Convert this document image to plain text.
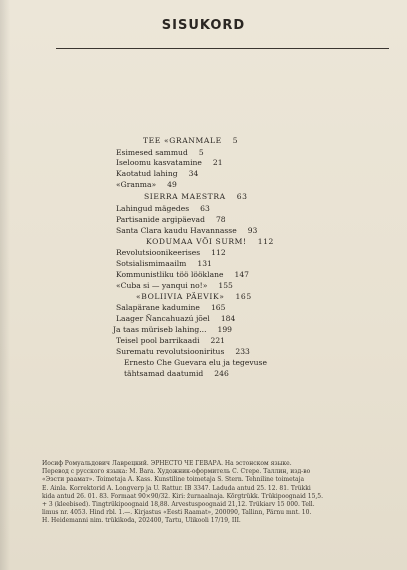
SISUKORD
TEE «GRANMALE 5
Esimesed sammud 5
Iseloomu kasvatamine 21
Kaotatud lahing 34
«Granma» 49
SIERRA MAESTRA 63
Lahingud mägedes 63
Partisanide argipäevad 78
Santa Clara kaudu Havannasse 93
KODUMAA VÕI SURM! 112
Revolutsioonikeerises 112
Sotsialismimaailm 131
Kommunistliku töö lööklane 147
«Cuba si — yanqui no!» 155
«BOLIIVIA PÄEVIK» 165
Salapärane kadumine 165
Laager Ñancahuazú jõel 184
Ja taas müriseb lahing... 199
Teisel pool barrikaadi 221
Surematu revolutsiooniritus 233
Ernesto Che Guevara elu ja tegevuse
tähtsamad daatumid 246
Иосиф Ромуальдович Лаврецкий. ЭРНЕСТО ЧЕ ГЕВАРА. На эстонском языке.
Перевод с русского языка: M. Bara. Художник-оформитель С. Стере. Таллин, изд-во
«Ээсти раамат». Toimetaja A. Kass. Kunstiline toimetaja S. Stern. Tehniline toimetaja
E. Ainla. Korrektorid A. Longverp ja U. Rattur. IB 3347. Laduda antud 25. 12. 81. Trükki
kida antud 26. 01. 83. Formaat 90×90/32. Kiri: žurnaalnaja. Kõrgtrükk. Trükipoognaid 15,5.
+ 3 (kleebised). Tingtrükipoognaid 18,88. Arvestuspoognaid 21,12. Trükiarv 15 000. Tell.
limus nr. 4053. Hind rbl. 1.—. Kirjastus «Eesti Raamat», 200090, Tallinn, Pärnu mnt. 10.
H. Heidemanni nim. trükikoda, 202400, Tartu, Ülikooli 17/19, III.
